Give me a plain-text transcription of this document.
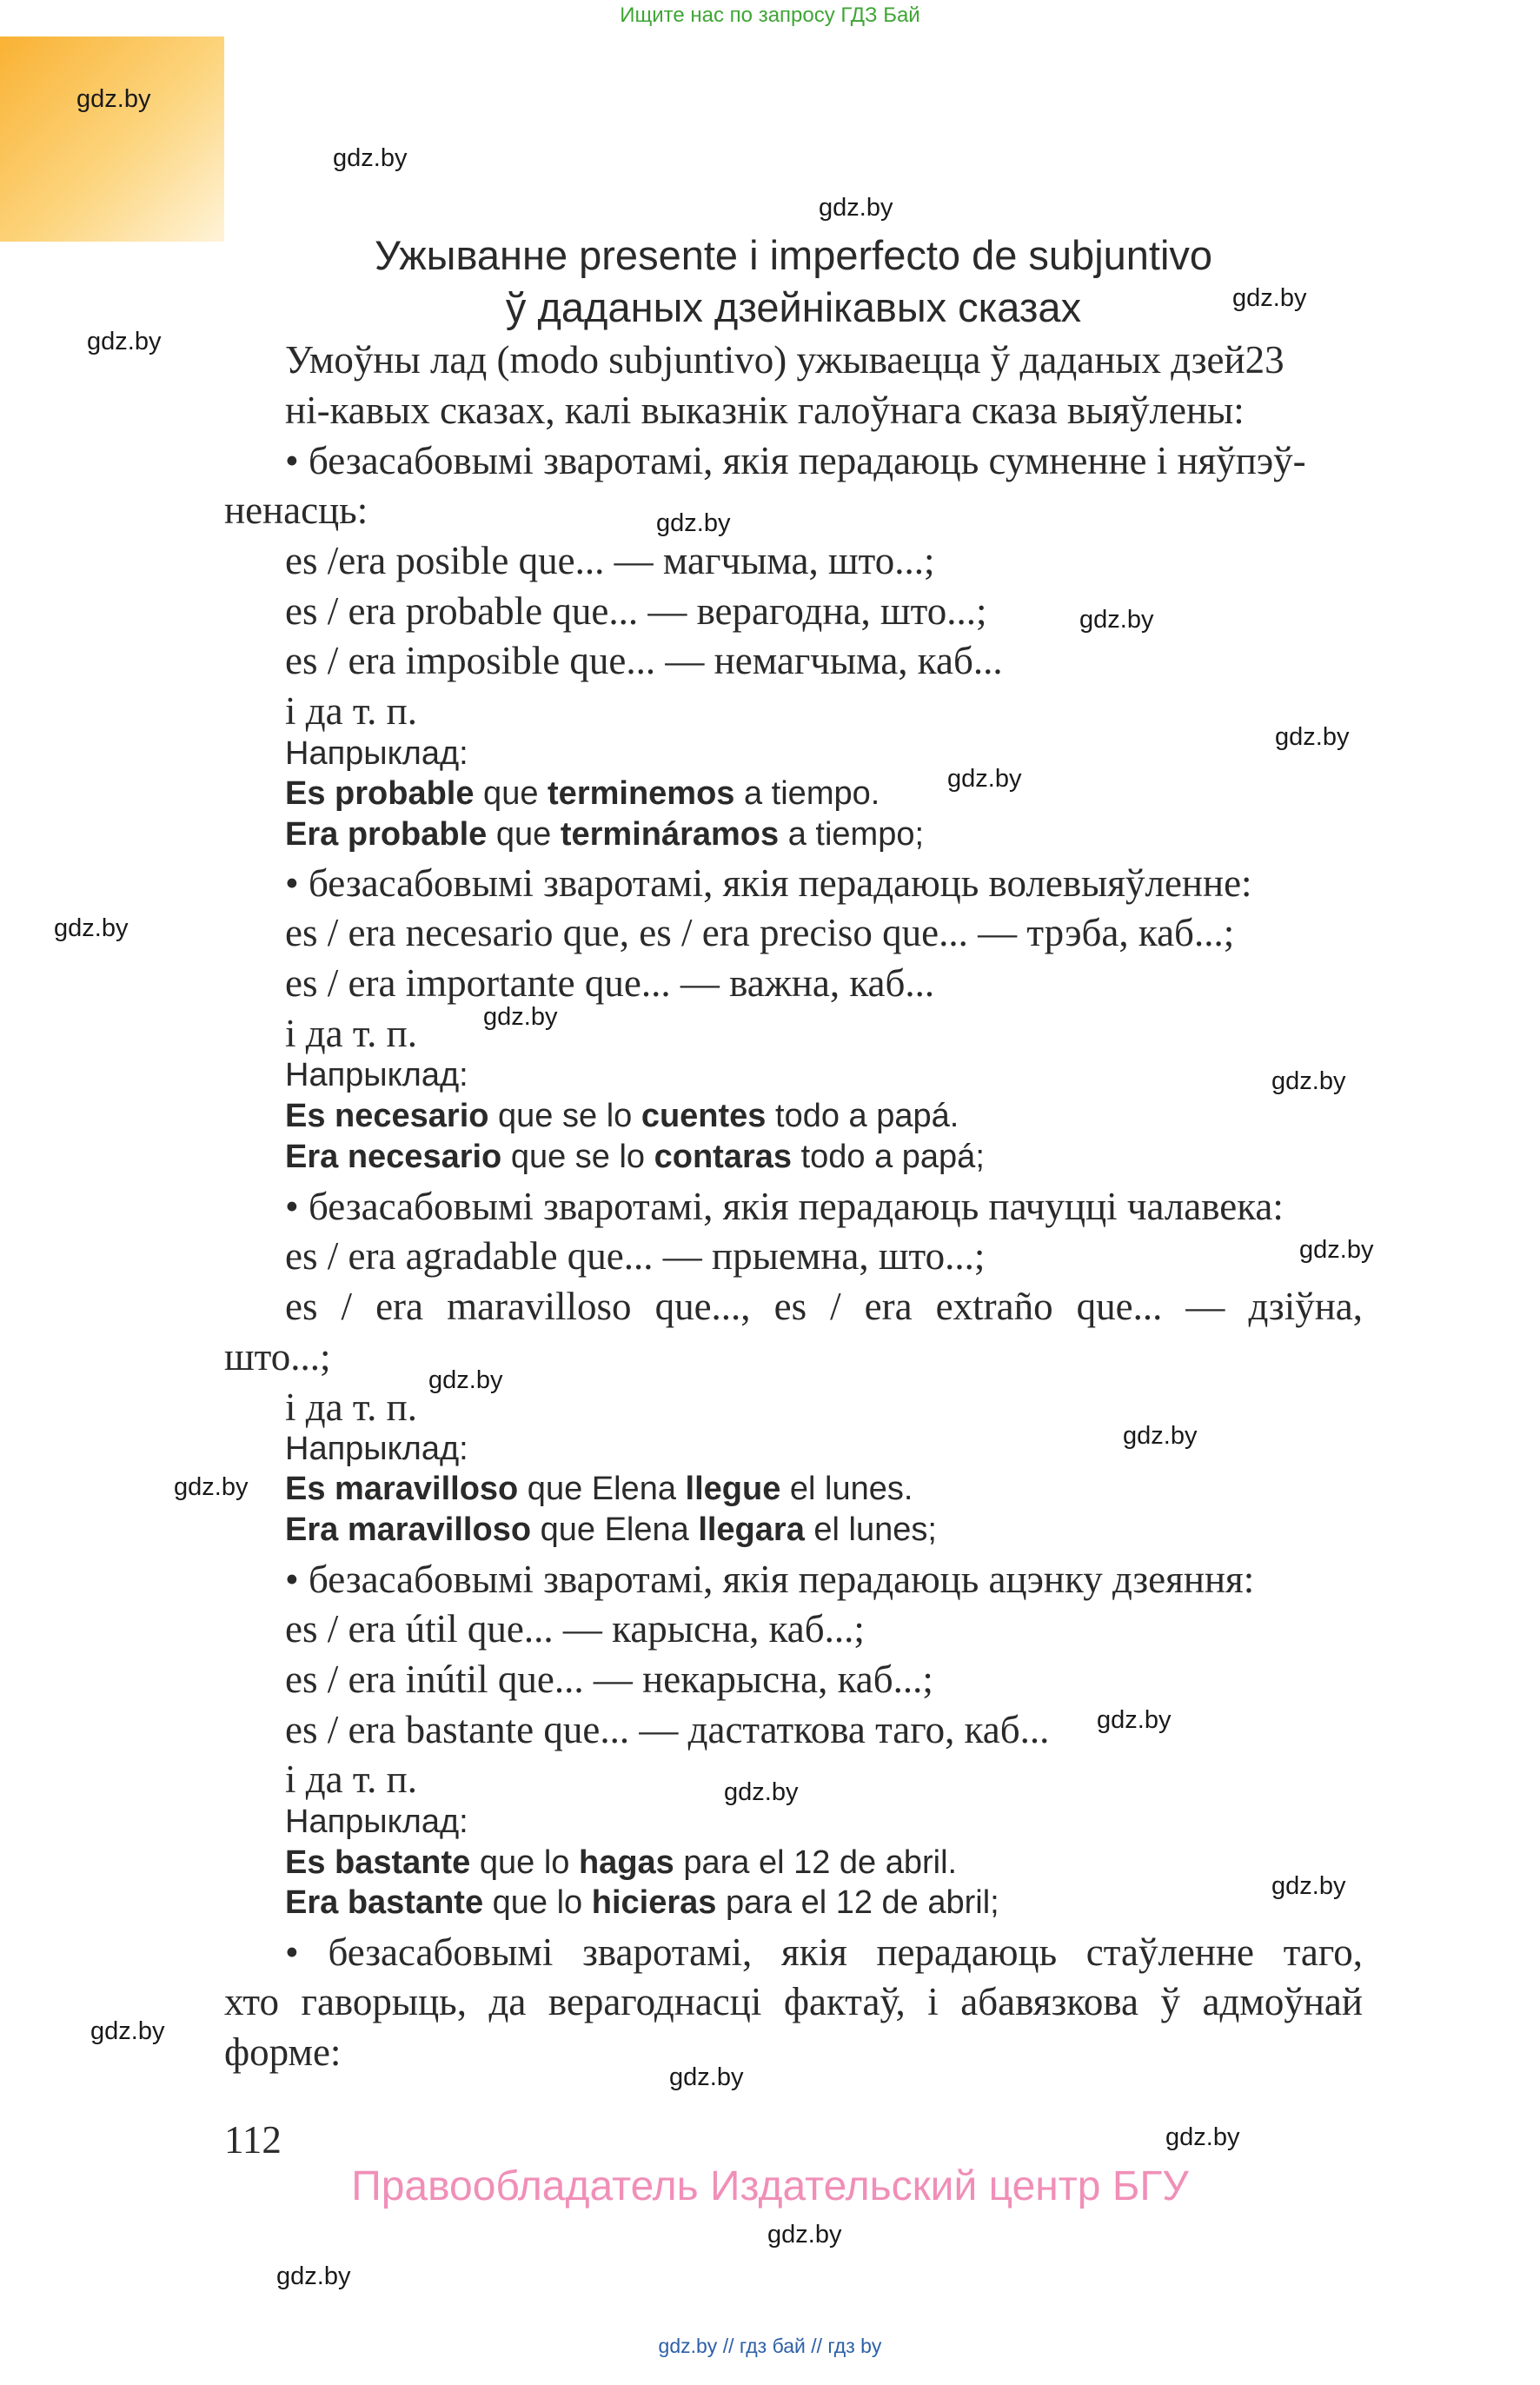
Ищите нас по запросу ГДЗ Бай
gdz.by
gdz.by
gdz.by
gdz.by
gdz.by
gdz.by
gdz.by
gdz.by
gdz.by
gdz.by
gdz.by
gdz.by
gdz.by
gdz.by
gdz.by
gdz.by
gdz.by
gdz.by
gdz.by
gdz.by
gdz.by
gdz.by
gdz.by
gdz.by
Ужыванне presente i imperfecto de subjuntivo
ў даданых дзейнікавых сказах
Умоўны лад (modo subjuntivo) ужываецца ў даданых дзей23
ні-кавых сказах, калі выказнік галоўнага сказа выяўлены:
• безасабовымі зваротамі, якія перадаюць сумненне і няўпэў-
ненасць:
es /era posible que... — магчыма, што...;
es / era probable que... — верагодна, што...;
es / era imposible que... — немагчыма, каб...
і да т. п.
Напрыклад:
Es probable que terminemos a tiempo.
Era probable que termináramos a tiempo;
• безасабовымі зваротамі, якія перадаюць волевыяўленне:
es / era necesario que, es / era preciso que... — трэба, каб...;
es / era importante que... — важна, каб...
і да т. п.
Напрыклад:
Es necesario que se lo cuentes todo a papá.
Era necesario que se lo contaras todo a papá;
• безасабовымі зваротамі, якія перадаюць пачуцці чалавека:
es / era agradable que... — прыемна, што...;
es / era maravilloso que..., es / era extraño que... — дзіўна,
што...;
і да т. п.
Напрыклад:
Es maravilloso que Elena llegue el lunes.
Era maravilloso que Elena llegara el lunes;
• безасабовымі зваротамі, якія перадаюць ацэнку дзеяння:
es / era útil que... — карысна, каб...;
es / era inútil que... — некарысна, каб...;
es / era bastante que... — дастаткова таго, каб...
і да т. п.
Напрыклад:
Es bastante que lo hagas para el 12 de abril.
Era bastante que lo hicieras para el 12 de abril;
• безасабовымі зваротамі, якія перадаюць стаўленне таго,
хто гаворыць, да верагоднасці фактаў, і абавязкова ў адмоўнай
форме:
112
Правообладатель Издательский центр БГУ
gdz.by // гдз бай // гдз by
